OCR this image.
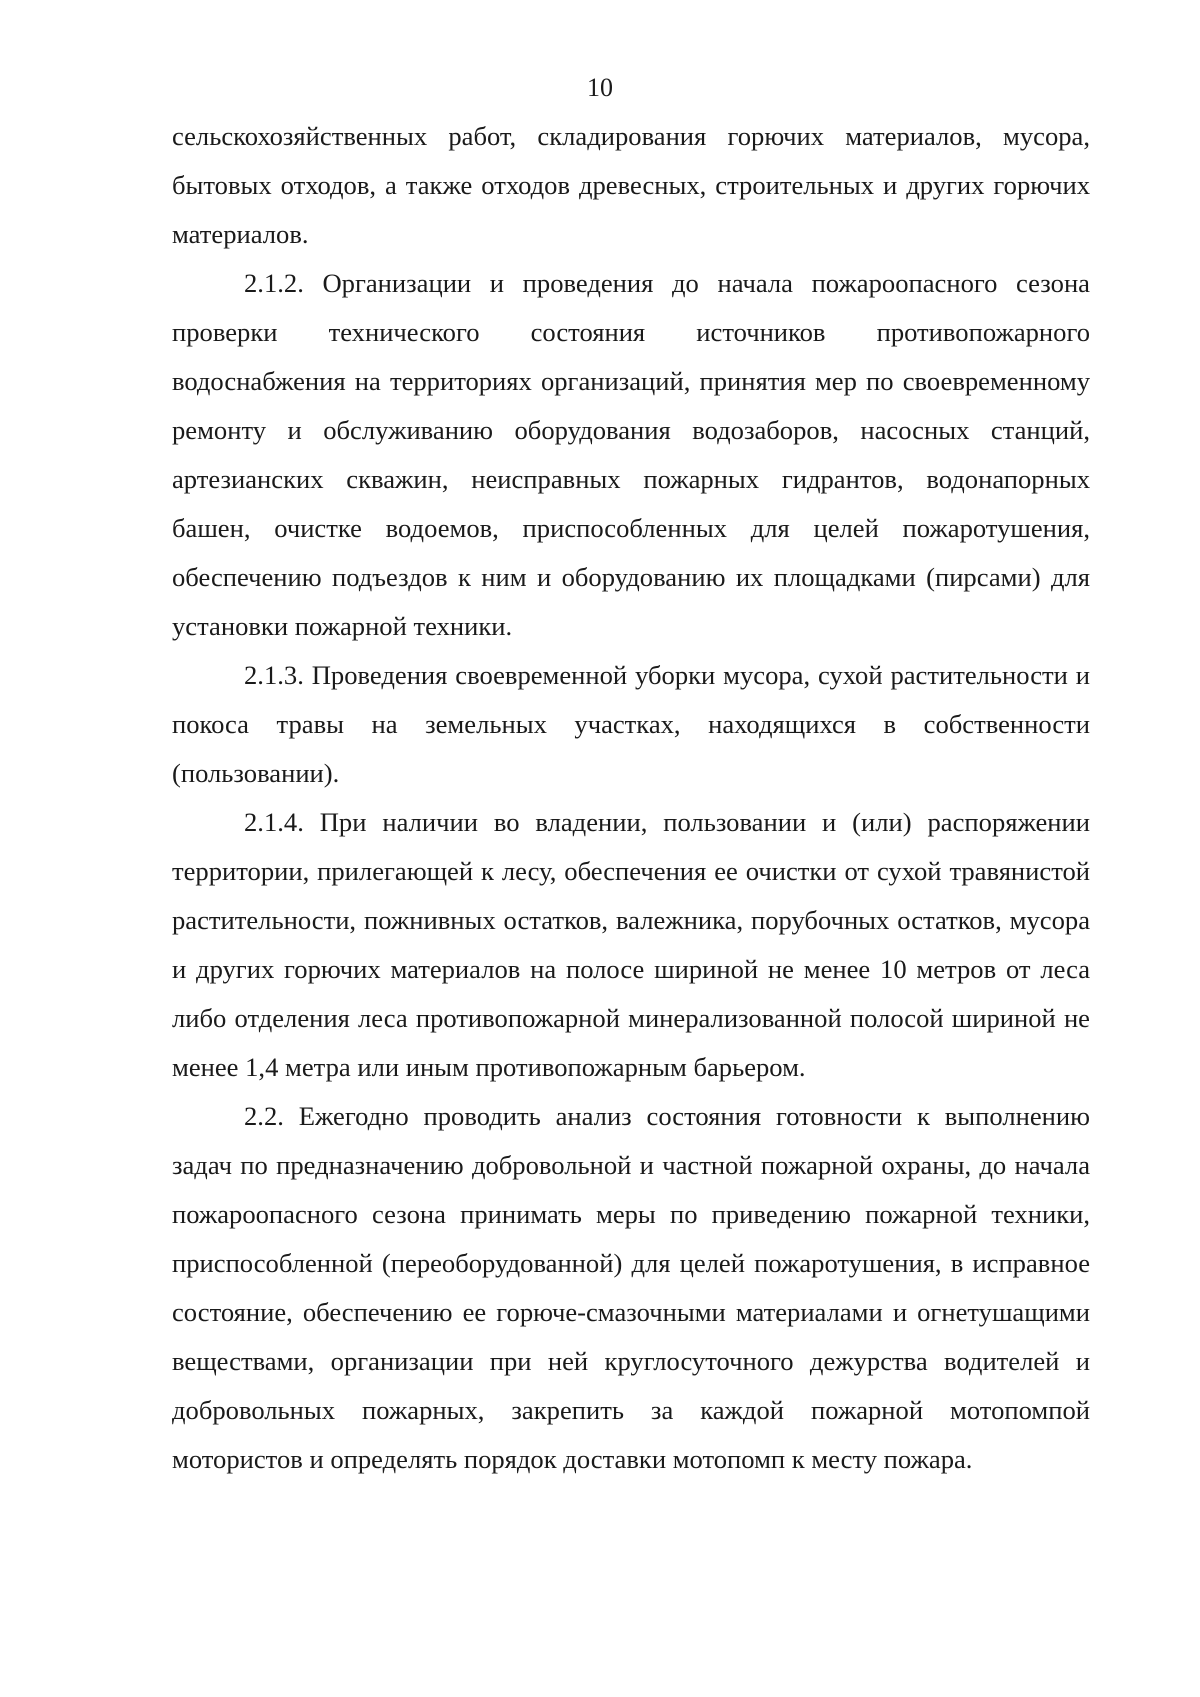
10

сельскохозяйственных работ, складирования горючих материалов, мусора, бытовых отходов, а также отходов древесных, строительных и других горючих материалов.

2.1.2. Организации и проведения до начала пожароопасного сезона проверки технического состояния источников противопожарного водоснабжения на территориях организаций, принятия мер по своевременному ремонту и обслуживанию оборудования водозаборов, насосных станций, артезианских скважин, неисправных пожарных гидрантов, водонапорных башен, очистке водоемов, приспособленных для целей пожаротушения, обеспечению подъездов к ним и оборудованию их площадками (пирсами) для установки пожарной техники.

2.1.3. Проведения своевременной уборки мусора, сухой растительности и покоса травы на земельных участках, находящихся в собственности (пользовании).

2.1.4. При наличии во владении, пользовании и (или) распоряжении территории, прилегающей к лесу, обеспечения ее очистки от сухой травянистой растительности, пожнивных остатков, валежника, порубочных остатков, мусора и других горючих материалов на полосе шириной не менее 10 метров от леса либо отделения леса противопожарной минерализованной полосой шириной не менее 1,4 метра или иным противопожарным барьером.

2.2. Ежегодно проводить анализ состояния готовности к выполнению задач по предназначению добровольной и частной пожарной охраны, до начала пожароопасного сезона принимать меры по приведению пожарной техники, приспособленной (переоборудованной) для целей пожаротушения, в исправное состояние, обеспечению ее горюче-смазочными материалами и огнетушащими веществами, организации при ней круглосуточного дежурства водителей и добровольных пожарных, закрепить за каждой пожарной мотопомпой мотористов и определять порядок доставки мотопомп к месту пожара.
